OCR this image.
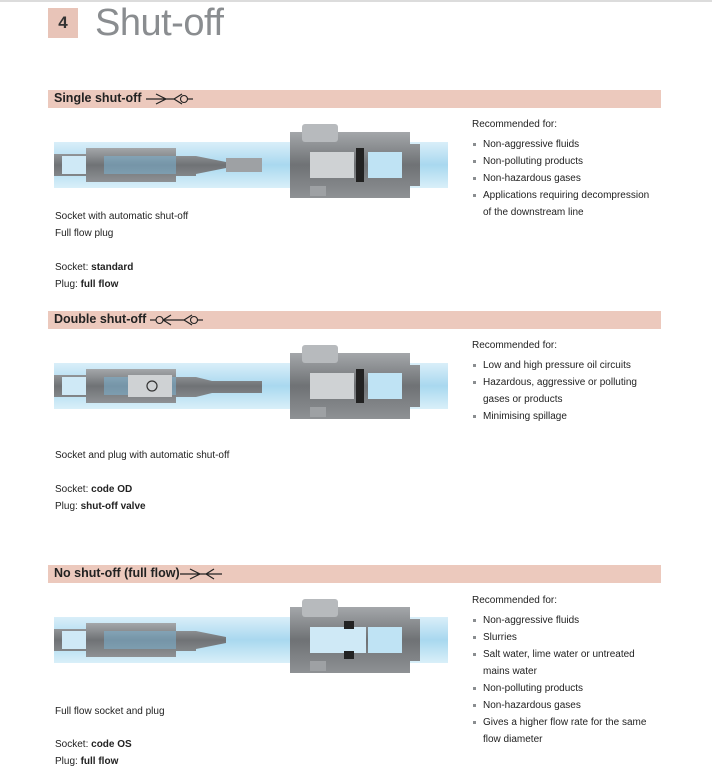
4 Shut-off
Single shut-off
Socket with automatic shut-off
Full flow plug
Socket: standard
Plug: full flow
Recommended for:
Non-aggressive fluids
Non-polluting products
Non-hazardous gases
Applications requiring decompression
of the downstream line
Double shut-off
Socket and plug with automatic shut-off
Socket: code OD
Plug: shut-off valve
Recommended for:
Low and high pressure oil circuits
Hazardous, aggressive or polluting
gases or products
Minimising spillage
No shut-off (full flow)
Full flow socket and plug
Socket: code OS
Plug: full flow
Recommended for:
Non-aggressive fluids
Slurries
Salt water, lime water or untreated
mains water
Non-polluting products
Non-hazardous gases
Gives a higher flow rate for the same
flow diameter
